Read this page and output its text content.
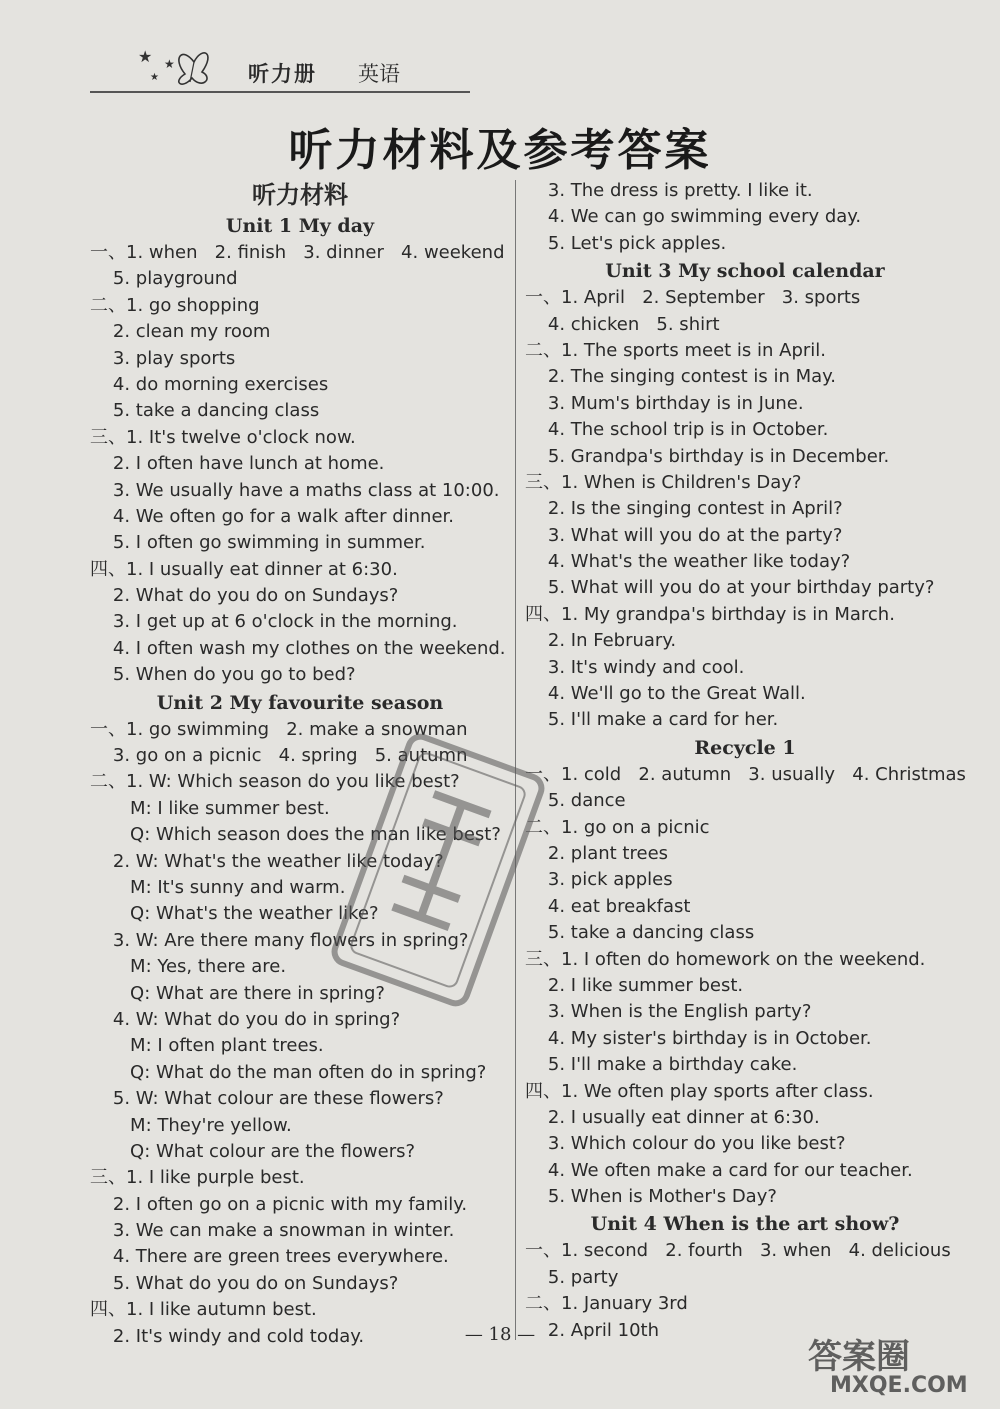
★
★
★	听力册 英语
听力材料及参考答案
听力材料
Unit 1 My day
一、1. when   2. finish   3. dinner   4. weekend
5. playground
二、1. go shopping
2. clean my room
3. play sports
4. do morning exercises
5. take a dancing class
三、1. It's twelve o'clock now.
2. I often have lunch at home.
3. We usually have a maths class at 10:00.
4. We often go for a walk after dinner.
5. I often go swimming in summer.
四、1. I usually eat dinner at 6:30.
2. What do you do on Sundays?
3. I get up at 6 o'clock in the morning.
4. I often wash my clothes on the weekend.
5. When do you go to bed?
Unit 2 My favourite season
一、1. go swimming   2. make a snowman
3. go on a picnic   4. spring   5. autumn
二、1. W: Which season do you like best?
M: I like summer best.
Q: Which season does the man like best?
2. W: What's the weather like today?
M: It's sunny and warm.
Q: What's the weather like?
3. W: Are there many flowers in spring?
M: Yes, there are.
Q: What are there in spring?
4. W: What do you do in spring?
M: I often plant trees.
Q: What do the man often do in spring?
5. W: What colour are these flowers?
M: They're yellow.
Q: What colour are the flowers?
三、1. I like purple best.
2. I often go on a picnic with my family.
3. We can make a snowman in winter.
4. There are green trees everywhere.
5. What do you do on Sundays?
四、1. I like autumn best.
2. It's windy and cold today.
3. The dress is pretty. I like it.
4. We can go swimming every day.
5. Let's pick apples.
Unit 3 My school calendar
一、1. April   2. September   3. sports
4. chicken   5. shirt
二、1. The sports meet is in April.
2. The singing contest is in May.
3. Mum's birthday is in June.
4. The school trip is in October.
5. Grandpa's birthday is in December.
三、1. When is Children's Day?
2. Is the singing contest in April?
3. What will you do at the party?
4. What's the weather like today?
5. What will you do at your birthday party?
四、1. My grandpa's birthday is in March.
2. In February.
3. It's windy and cool.
4. We'll go to the Great Wall.
5. I'll make a card for her.
Recycle 1
一、1. cold   2. autumn   3. usually   4. Christmas
5. dance
二、1. go on a picnic
2. plant trees
3. pick apples
4. eat breakfast
5. take a dancing class
三、1. I often do homework on the weekend.
2. I like summer best.
3. When is the English party?
4. My sister's birthday is in October.
5. I'll make a birthday cake.
四、1. We often play sports after class.
2. I usually eat dinner at 6:30.
3. Which colour do you like best?
4. We often make a card for our teacher.
5. When is Mother's Day?
Unit 4 When is the art show?
一、1. second   2. fourth   3. when   4. delicious
5. party
二、1. January 3rd
2. April 10th
答案圈
MXQE.COM
— 18 —
